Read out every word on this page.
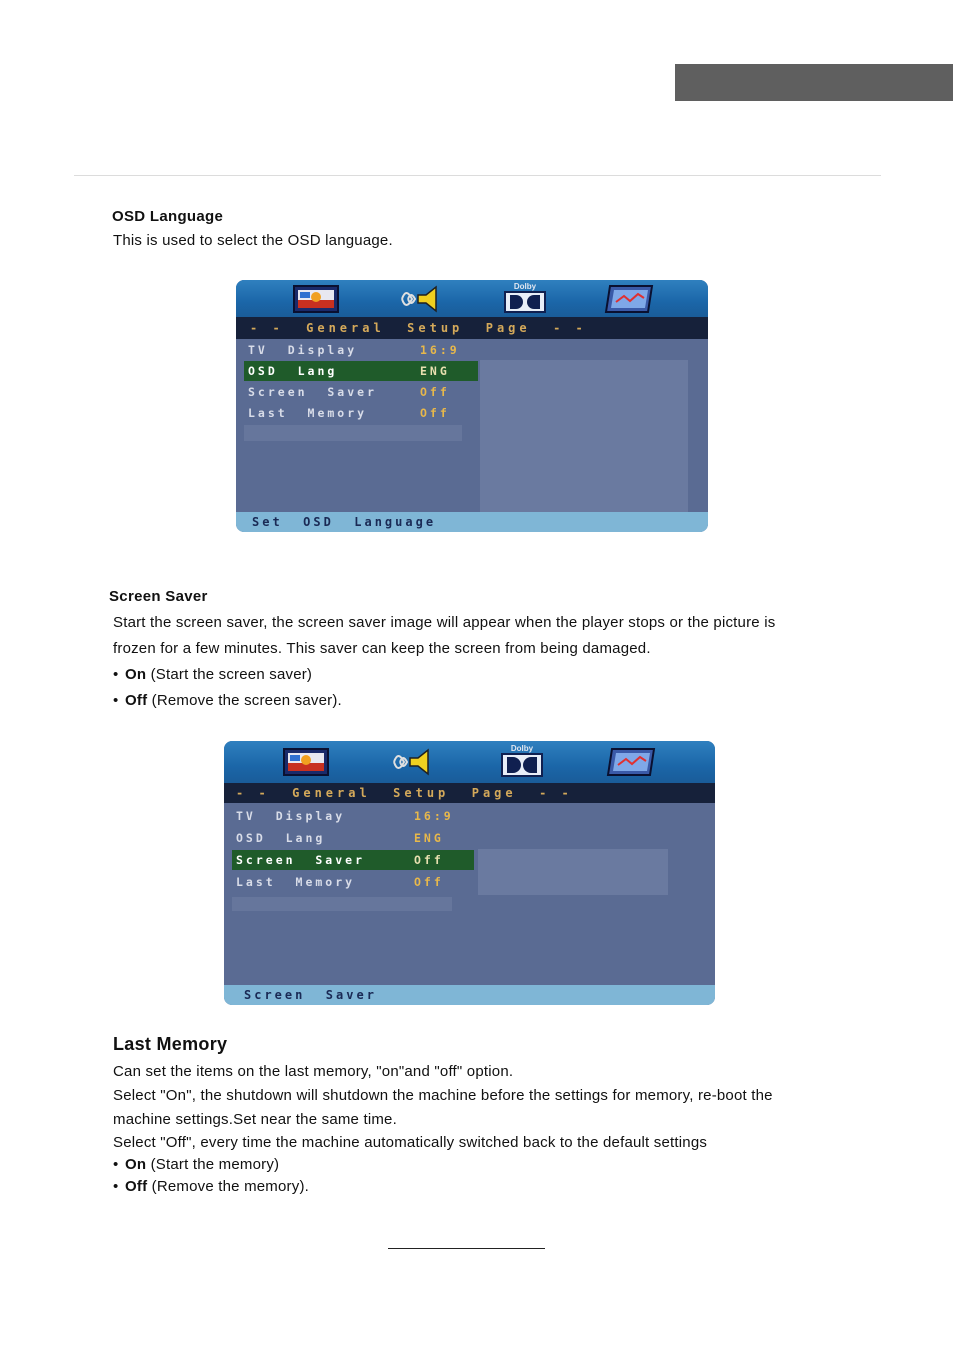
OSD Language

This is used to select the OSD language.

Dolby
- -  General  Setup  Page  - -
TV  Display	16:9
OSD  Lang	ENG
Screen  Saver	Off
Last  Memory	Off
Set  OSD  Language
Screen Saver

Start the screen saver, the screen saver image will appear when the player stops or the picture is

frozen for a few minutes. This saver can keep the screen from being damaged.

• On (Start the screen saver)

• Off (Remove the screen saver).

Dolby
- -  General  Setup  Page  - -
TV  Display	16:9
OSD  Lang	ENG
Screen  Saver	Off
Last  Memory	Off
Screen  Saver
Last Memory

Can set the items on the last memory, "on"and "off" option.

Select "On", the shutdown will shutdown the machine before the settings for memory, re-boot the

machine settings.Set near the same time.

Select "Off", every time the machine automatically switched back to the default settings

• On (Start the memory)

• Off (Remove the memory).
